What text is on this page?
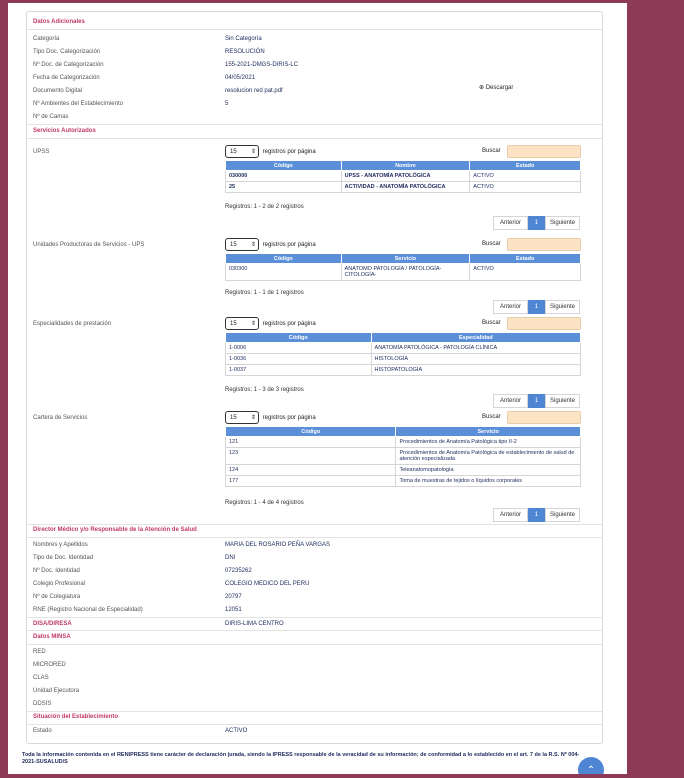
Datos Adicionales
Categoría	Sin Categoría
Tipo Doc. Categorización	RESOLUCIÓN
Nº Doc. de Categorización	155-2021-DMGS-DIRIS-LC
Fecha de Categorización	04/05/2021
Documento Digital	resolucion red pat.pdf	⊕ Descargar
Nº Ambientes del Establecimiento	5
Nº de Camas
Servicios Autorizados
UPSS	15 ⇕	registros por página	Buscar
Código	Nombre	Estado
030000	UPSS - ANATOMÍA PATOLÓGICA	ACTIVO
25	ACTIVIDAD - ANATOMÍA PATOLÓGICA	ACTIVO
Registros: 1 - 2 de 2 registros
Anterior	1	Siguiente
Unidades Productoras de Servicios - UPS	15 ⇕	registros por página	Buscar
Código	Servicio	Estado
030300	ANATOMO PATOLOGÍA / PATOLOGÍA-CITOLOGÍA-	ACTIVO
Registros: 1 - 1 de 1 registros
Anterior	1	Siguiente
Especialidades de prestación	15 ⇕	registros por página	Buscar
Código	Especialidad
1-0006	ANATOMÍA PATOLÓGICA - PATOLOGÍA CLÍNICA
1-0036	HISTOLOGÍA
1-0037	HISTOPATOLOGÍA
Registros: 1 - 3 de 3 registros
Anterior	1	Siguiente
Cartera de Servicios	15 ⇕	registros por página	Buscar
Código	Servicio
121	Procedimientos de Anatomía Patológica tipo II-2
123	Procedimientos de Anatomía Patológica de establecimiento de salud de atención especializada
124	Teleanatomopatología
177	Toma de muestras de tejidos o líquidos corporales
Registros: 1 - 4 de 4 registros
Anterior	1	Siguiente
Director Médico y/o Responsable de la Atención de Salud
Nombres y Apellidos	MARIA DEL ROSARIO PEÑA VARGAS
Tipo de Doc. Identidad	DNI
Nº Doc. Identidad	07235262
Colegio Profesional	COLEGIO MEDICO DEL PERU
Nº de Colegiatura	20797
RNE (Registro Nacional de Especialidad)	12051
DISA/DIRESA	DIRIS-LIMA CENTRO
Datos MINSA
RED
MICRORED
CLAS
Unidad Ejecutora
DDSIS
Situación del Establecimiento
Estado	ACTIVO
Toda la información contenida en el RENIPRESS tiene carácter de declaración jurada, siendo la IPRESS responsable de la veracidad de su información; de conformidad a lo establecido en el art. 7 de la R.S. Nº 004-2021-SUSALUD/S
⌃
